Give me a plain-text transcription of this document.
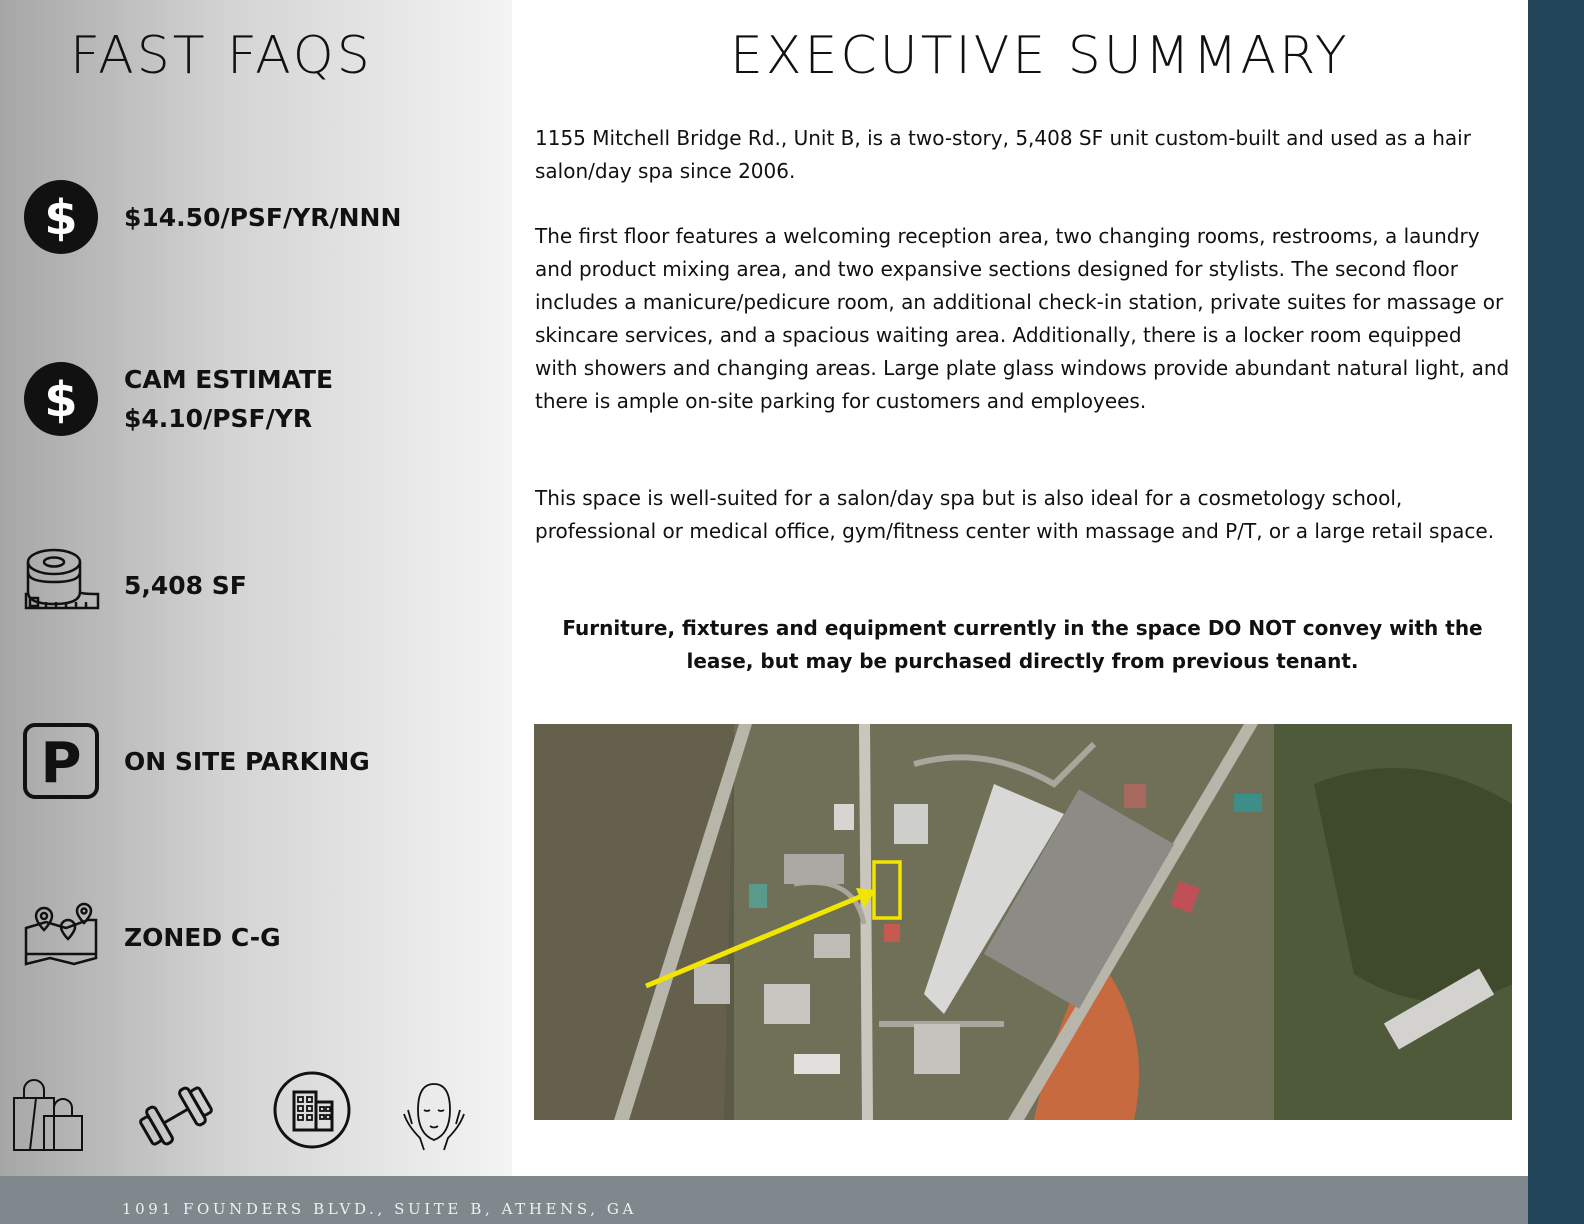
FAST FAQS	EXECUTIVE SUMMARY
$ $14.50/PSF/YR/NNN
$ CAM ESTIMATE
$4.10/PSF/YR
5,408 SF
P ON SITE PARKING
ZONED C-G
1155 Mitchell Bridge Rd., Unit B, is a two-story, 5,408 SF unit custom-built and used as a hair salon/day spa since 2006.
The first floor features a welcoming reception area, two changing rooms, restrooms, a laundry and product mixing area, and two expansive sections designed for stylists. The second floor includes a manicure/pedicure room, an additional check-in station, private suites for massage or skincare services, and a spacious waiting area. Additionally, there is a locker room equipped with showers and changing areas. Large plate glass windows provide abundant natural light, and there is ample on-site parking for customers and employees.
This space is well-suited for a salon/day spa but is also ideal for a cosmetology school, professional or medical office, gym/fitness center with massage and P/T, or a large retail space.
Furniture, fixtures and equipment currently in the space DO NOT convey with the lease, but may be purchased directly from previous tenant.
1091 FOUNDERS BLVD., SUITE B, ATHENS, GA
